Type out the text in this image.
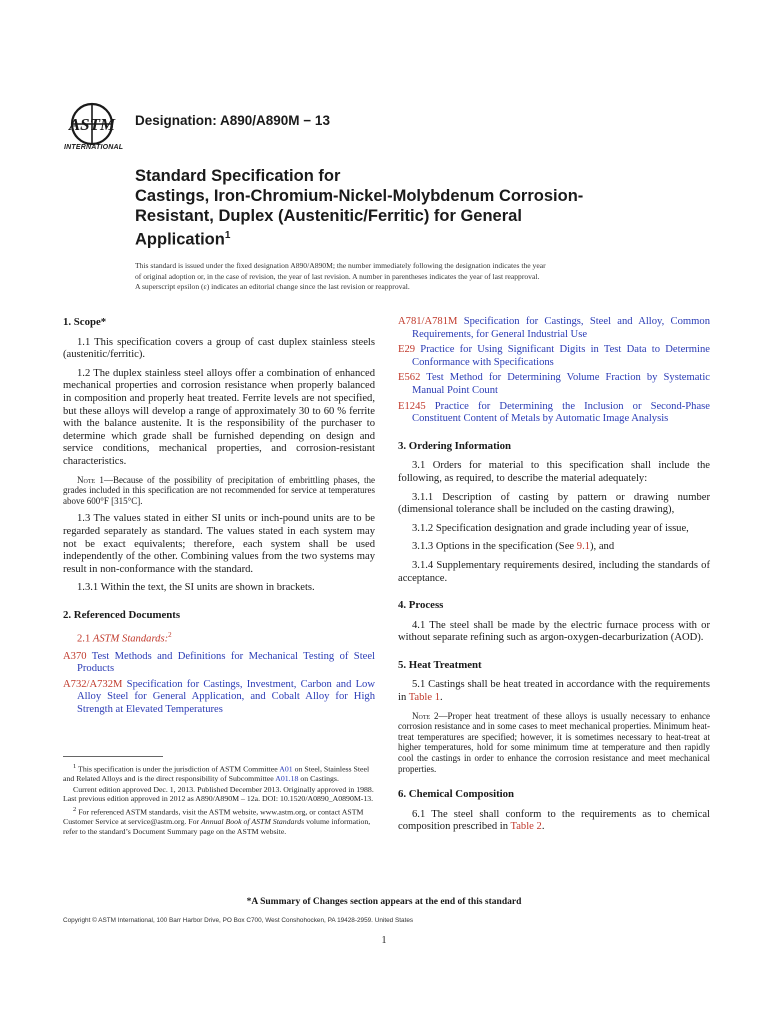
ASTM
INTERNATIONAL
Designation: A890/A890M − 13
Standard Specification for
Castings, Iron-Chromium-Nickel-Molybdenum Corrosion-
Resistant, Duplex (Austenitic/Ferritic) for General
Application$^1$
This standard is issued under the fixed designation A890/A890M; the number immediately following the designation indicates the year
of original adoption or, in the case of revision, the year of last revision. A number in parentheses indicates the year of last reapproval.
A superscript epsilon (ε) indicates an editorial change since the last revision or reapproval.

1. Scope*

1.1 This specification covers a group of cast duplex stainless steels (austenitic/ferritic).

1.2 The duplex stainless steel alloys offer a combination of enhanced mechanical properties and corrosion resistance when properly balanced in composition and properly heat treated. Ferrite levels are not specified, but these alloys will develop a range of approximately 30 to 60 % ferrite with the balance austenite. It is the responsibility of the purchaser to determine which grade shall be furnished depending on design and service conditions, mechanical properties, and corrosion-resistant characteristics.

Note 1—Because of the possibility of precipitation of embrittling phases, the grades included in this specification are not recommended for service at temperatures above 600°F [315°C].

1.3 The values stated in either SI units or inch-pound units are to be regarded separately as standard. The values stated in each system may not be exact equivalents; therefore, each system shall be used independently of the other. Combining values from the two systems may result in non-conformance with the standard.

1.3.1 Within the text, the SI units are shown in brackets.

2. Referenced Documents

2.1 ASTM Standards:$^2$

A370 Test Methods and Definitions for Mechanical Testing of Steel Products

A732/A732M Specification for Castings, Investment, Carbon and Low Alloy Steel for General Application, and Cobalt Alloy for High Strength at Elevated Temperatures

$^1$ This specification is under the jurisdiction of ASTM Committee A01 on Steel, Stainless Steel and Related Alloys and is the direct responsibility of Subcommittee A01.18 on Castings.

Current edition approved Dec. 1, 2013. Published December 2013. Originally approved in 1988. Last previous edition approved in 2012 as A890/A890M – 12a. DOI: 10.1520/A0890_A0890M-13.

$^2$ For referenced ASTM standards, visit the ASTM website, www.astm.org, or contact ASTM Customer Service at service@astm.org. For Annual Book of ASTM Standards volume information, refer to the standard’s Document Summary page on the ASTM website.

A781/A781M Specification for Castings, Steel and Alloy, Common Requirements, for General Industrial Use

E29 Practice for Using Significant Digits in Test Data to Determine Conformance with Specifications

E562 Test Method for Determining Volume Fraction by Systematic Manual Point Count

E1245 Practice for Determining the Inclusion or Second-Phase Constituent Content of Metals by Automatic Image Analysis

3. Ordering Information

3.1 Orders for material to this specification shall include the following, as required, to describe the material adequately:

3.1.1 Description of casting by pattern or drawing number (dimensional tolerance shall be included on the casting drawing),

3.1.2 Specification designation and grade including year of issue,

3.1.3 Options in the specification (See 9.1), and

3.1.4 Supplementary requirements desired, including the standards of acceptance.

4. Process

4.1 The steel shall be made by the electric furnace process with or without separate refining such as argon-oxygen-decarburization (AOD).

5. Heat Treatment

5.1 Castings shall be heat treated in accordance with the requirements in Table 1.

Note 2—Proper heat treatment of these alloys is usually necessary to enhance corrosion resistance and in some cases to meet mechanical properties. Minimum heat-treat temperatures are specified; however, it is sometimes necessary to heat-treat at higher temperatures, hold for some minimum time at temperature and then rapidly cool the castings in order to enhance the corrosion resistance and meet mechanical properties.

6. Chemical Composition

6.1 The steel shall conform to the requirements as to chemical composition prescribed in Table 2.

*A Summary of Changes section appears at the end of this standard
Copyright © ASTM International, 100 Barr Harbor Drive, PO Box C700, West Conshohocken, PA 19428-2959. United States
1
